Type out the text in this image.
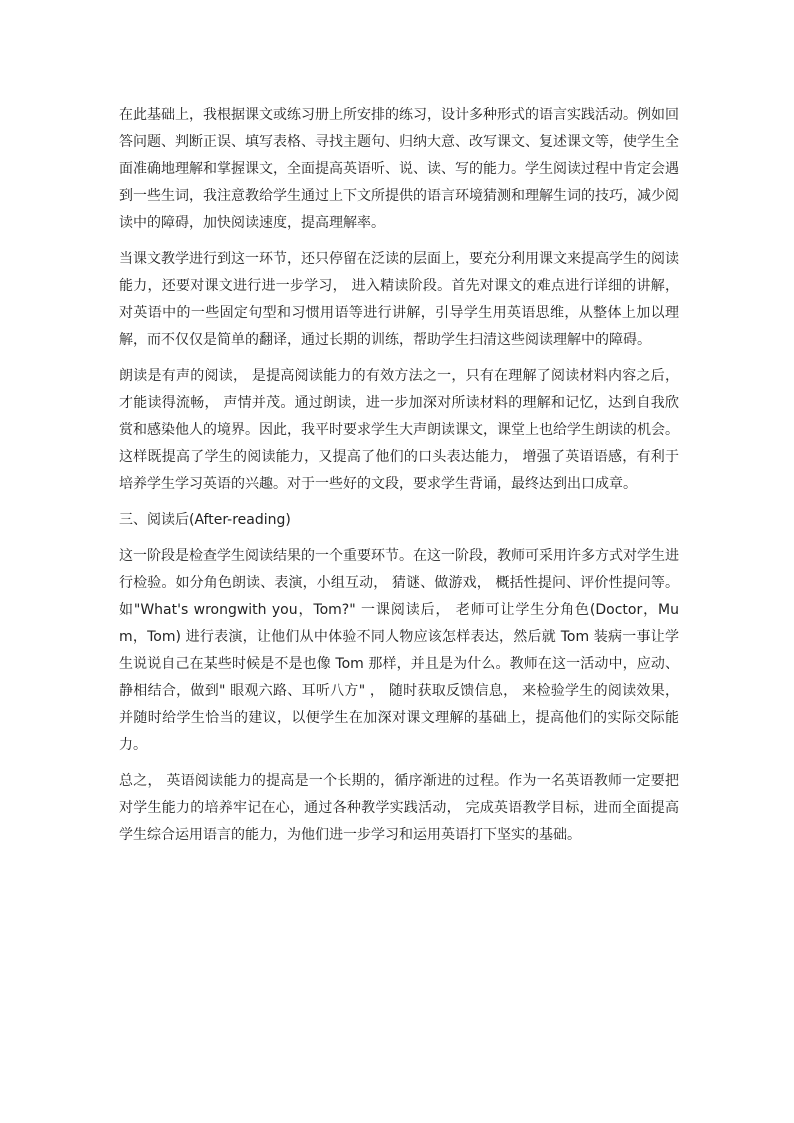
在此基础上，我根据课文或练习册上所安排的练习，设计多种形式的语言实践活动。例如回答问题、判断正误、填写表格、寻找主题句、归纳大意、改写课文、复述课文等，使学生全面准确地理解和掌握课文，全面提高英语听、说、读、写的能力。学生阅读过程中肯定会遇到一些生词，我注意教给学生通过上下文所提供的语言环境猜测和理解生词的技巧，减少阅读中的障碍，加快阅读速度，提高理解率。

当课文教学进行到这一环节，还只停留在泛读的层面上，要充分利用课文来提高学生的阅读能力，还要对课文进行进一步学习， 进入精读阶段。首先对课文的难点进行详细的讲解，对英语中的一些固定句型和习惯用语等进行讲解，引导学生用英语思维，从整体上加以理解，而不仅仅是简单的翻译，通过长期的训练，帮助学生扫清这些阅读理解中的障碍。

朗读是有声的阅读， 是提高阅读能力的有效方法之一，只有在理解了阅读材料内容之后，才能读得流畅， 声情并茂。通过朗读，进一步加深对所读材料的理解和记忆，达到自我欣赏和感染他人的境界。因此，我平时要求学生大声朗读课文，课堂上也给学生朗读的机会。这样既提高了学生的阅读能力，又提高了他们的口头表达能力， 增强了英语语感，有利于培养学生学习英语的兴趣。对于一些好的文段，要求学生背诵，最终达到出口成章。

三、阅读后(After-reading)

这一阶段是检查学生阅读结果的一个重要环节。在这一阶段，教师可采用许多方式对学生进行检验。如分角色朗读、表演，小组互动， 猜谜、做游戏， 概括性提问、评价性提问等。如"What's wrongwith you，Tom?" 一课阅读后， 老师可让学生分角色(Doctor，Mum，Tom) 进行表演，让他们从中体验不同人物应该怎样表达，然后就 Tom 装病一事让学生说说自己在某些时候是不是也像 Tom 那样，并且是为什么。教师在这一活动中，应动、静相结合，做到" 眼观六路、耳听八方" ， 随时获取反馈信息， 来检验学生的阅读效果，并随时给学生恰当的建议，以便学生在加深对课文理解的基础上，提高他们的实际交际能力。

总之， 英语阅读能力的提高是一个长期的，循序渐进的过程。作为一名英语教师一定要把对学生能力的培养牢记在心，通过各种教学实践活动， 完成英语教学目标，进而全面提高学生综合运用语言的能力，为他们进一步学习和运用英语打下坚实的基础。
